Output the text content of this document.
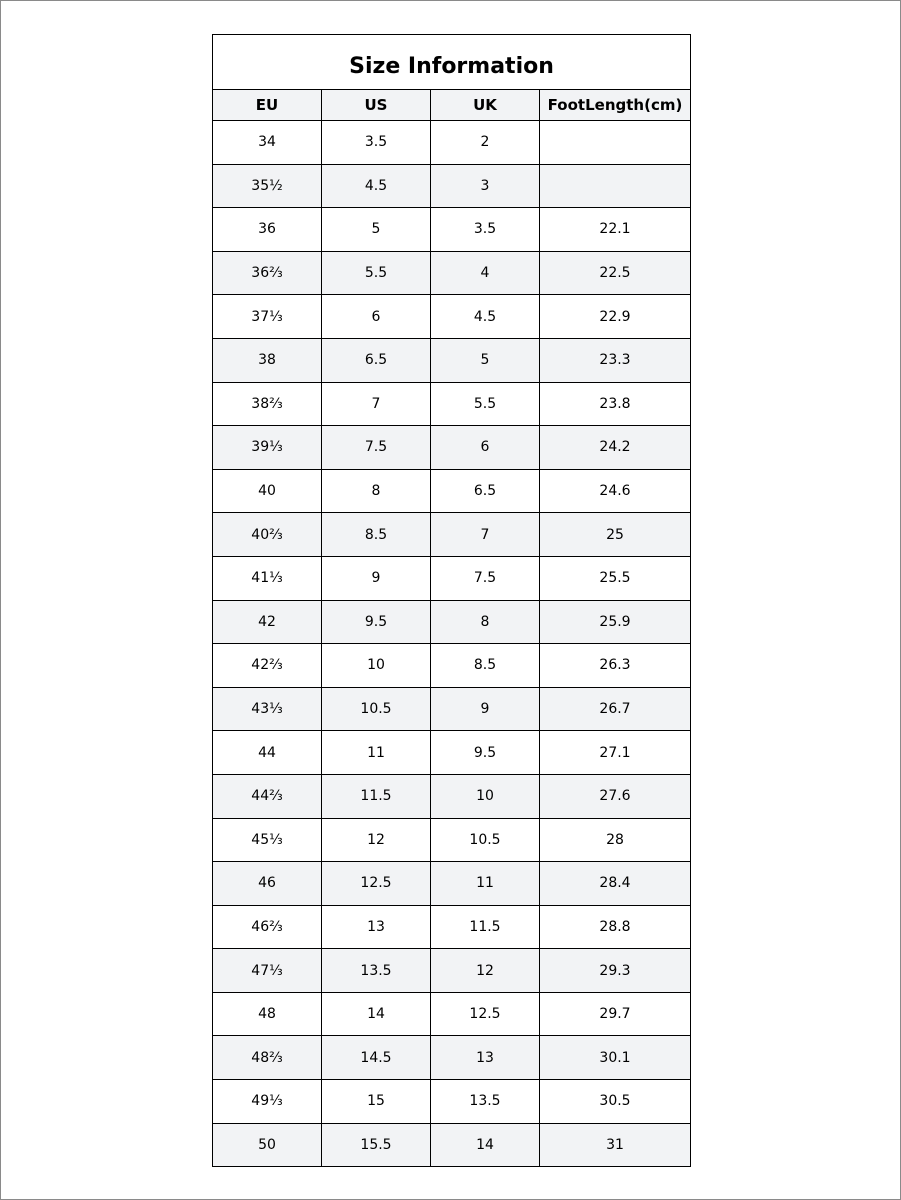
Size Information			
EU	US	UK	FootLength(cm)
34	3.5	2	
35½	4.5	3	
36	5	3.5	22.1
36⅔	5.5	4	22.5
37⅓	6	4.5	22.9
38	6.5	5	23.3
38⅔	7	5.5	23.8
39⅓	7.5	6	24.2
40	8	6.5	24.6
40⅔	8.5	7	25
41⅓	9	7.5	25.5
42	9.5	8	25.9
42⅔	10	8.5	26.3
43⅓	10.5	9	26.7
44	11	9.5	27.1
44⅔	11.5	10	27.6
45⅓	12	10.5	28
46	12.5	11	28.4
46⅔	13	11.5	28.8
47⅓	13.5	12	29.3
48	14	12.5	29.7
48⅔	14.5	13	30.1
49⅓	15	13.5	30.5
50	15.5	14	31
